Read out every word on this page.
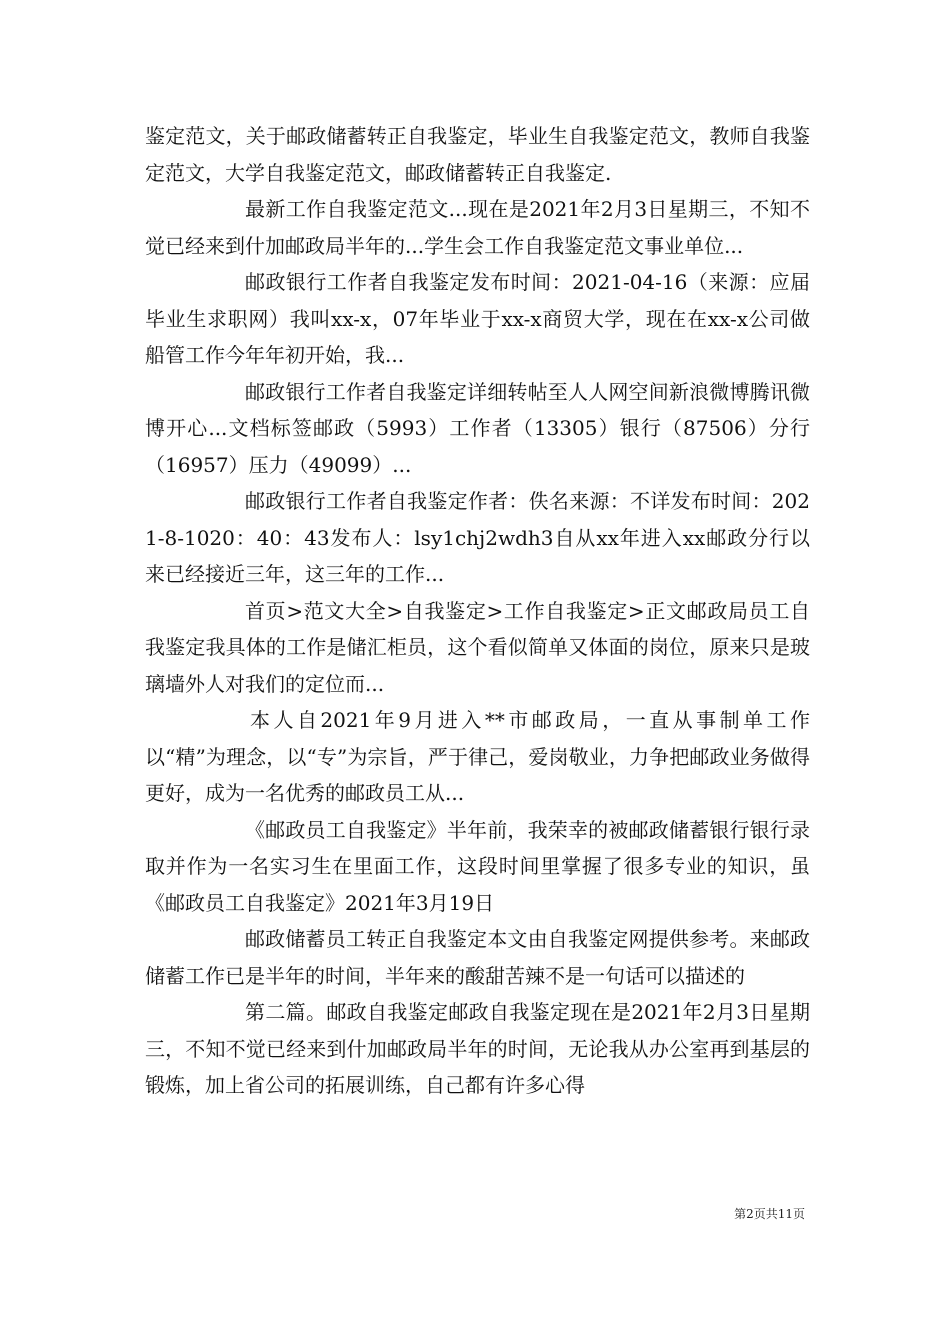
鉴定范文，关于邮政储蓄转正自我鉴定，毕业生自我鉴定范文，教师自我鉴定范文，大学自我鉴定范文，邮政储蓄转正自我鉴定.

最新工作自我鉴定范文...现在是2021年2月3日星期三，不知不觉已经来到什加邮政局半年的...学生会工作自我鉴定范文事业单位...

邮政银行工作者自我鉴定发布时间：2021-04-16（来源：应届毕业生求职网）我叫xx-x，07年毕业于xx-x商贸大学，现在在xx-x公司做船管工作今年年初开始，我...

邮政银行工作者自我鉴定详细转帖至人人网空间新浪微博腾讯微博开心...文档标签邮政（5993）工作者（13305）银行（87506）分行（16957）压力（49099）...

邮政银行工作者自我鉴定作者：佚名来源：不详发布时间：2021-8-1020：40：43发布人：lsy1chj2wdh3自从xx年进入xx邮政分行以来已经接近三年，这三年的工作...

首页>范文大全>自我鉴定>工作自我鉴定>正文邮政局员工自我鉴定我具体的工作是储汇柜员，这个看似简单又体面的岗位，原来只是玻璃墙外人对我们的定位而...

本人自2021年9月进入**市邮政局，一直从事制单工作以“精”为理念，以“专”为宗旨，严于律己，爱岗敬业，力争把邮政业务做得更好，成为一名优秀的邮政员工从...

《邮政员工自我鉴定》半年前，我荣幸的被邮政储蓄银行银行录取并作为一名实习生在里面工作，这段时间里掌握了很多专业的知识，虽《邮政员工自我鉴定》2021年3月19日

邮政储蓄员工转正自我鉴定本文由自我鉴定网提供参考。来邮政储蓄工作已是半年的时间，半年来的酸甜苦辣不是一句话可以描述的

第二篇。邮政自我鉴定邮政自我鉴定现在是2021年2月3日星期三，不知不觉已经来到什加邮政局半年的时间，无论我从办公室再到基层的锻炼，加上省公司的拓展训练，自己都有许多心得

第2页共11页
